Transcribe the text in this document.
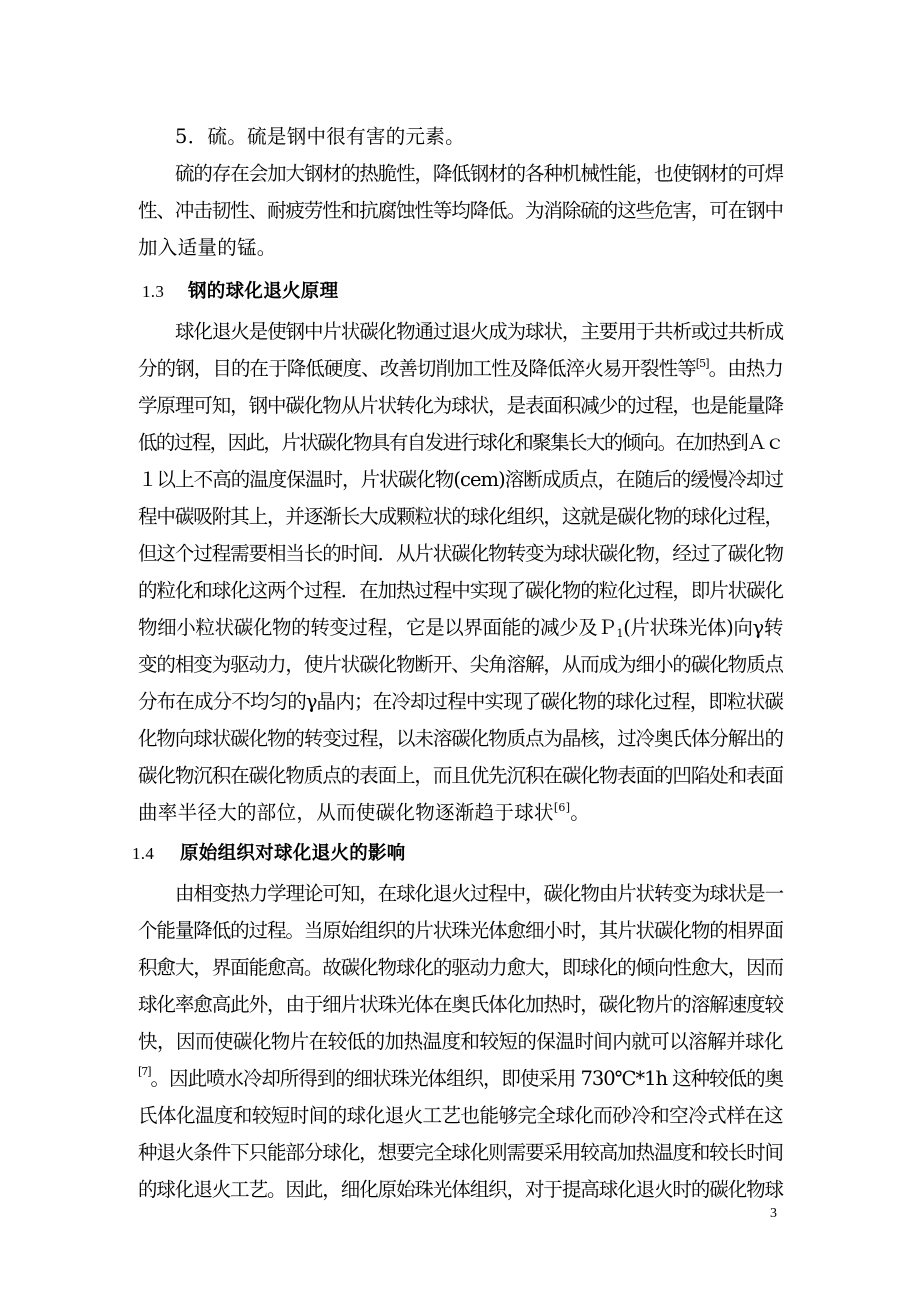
5．硫。硫是钢中很有害的元素。
硫的存在会加大钢材的热脆性，降低钢材的各种机械性能，也使钢材的可焊
性、冲击韧性、耐疲劳性和抗腐蚀性等均降低。为消除硫的这些危害，可在钢中
加入适量的锰。
1.3 钢的球化退火原理
球化退火是使钢中片状碳化物通过退火成为球状，主要用于共析或过共析成
分的钢，目的在于降低硬度、改善切削加工性及降低淬火易开裂性等[5]。由热力
学原理可知，钢中碳化物从片状转化为球状，是表面积减少的过程，也是能量降
低的过程，因此，片状碳化物具有自发进行球化和聚集长大的倾向。在加热到Ａｃ
１以上不高的温度保温时，片状碳化物(cem)溶断成质点，在随后的缓慢冷却过
程中碳吸附其上，并逐渐长大成颗粒状的球化组织，这就是碳化物的球化过程，
但这个过程需要相当长的时间．从片状碳化物转变为球状碳化物，经过了碳化物
的粒化和球化这两个过程．在加热过程中实现了碳化物的粒化过程，即片状碳化
物细小粒状碳化物的转变过程，它是以界面能的减少及Ｐ$_1$(片状珠光体)向γ转
变的相变为驱动力，使片状碳化物断开、尖角溶解，从而成为细小的碳化物质点
分布在成分不均匀的γ晶内；在冷却过程中实现了碳化物的球化过程，即粒状碳
化物向球状碳化物的转变过程，以未溶碳化物质点为晶核，过冷奥氏体分解出的
碳化物沉积在碳化物质点的表面上，而且优先沉积在碳化物表面的凹陷处和表面
曲率半径大的部位，从而使碳化物逐渐趋于球状[6]。
1.4 原始组织对球化退火的影响
由相变热力学理论可知，在球化退火过程中，碳化物由片状转变为球状是一
个能量降低的过程。当原始组织的片状珠光体愈细小时，其片状碳化物的相界面
积愈大，界面能愈高。故碳化物球化的驱动力愈大，即球化的倾向性愈大，因而
球化率愈高此外，由于细片状珠光体在奥氏体化加热时，碳化物片的溶解速度较
快，因而使碳化物片在较低的加热温度和较短的保温时间内就可以溶解并球化
[7]。因此喷水冷却所得到的细状珠光体组织，即使采用 730℃*1h 这种较低的奥
氏体化温度和较短时间的球化退火工艺也能够完全球化而砂冷和空冷式样在这
种退火条件下只能部分球化，想要完全球化则需要采用较高加热温度和较长时间
的球化退火工艺。因此，细化原始珠光体组织，对于提高球化退火时的碳化物球
3
